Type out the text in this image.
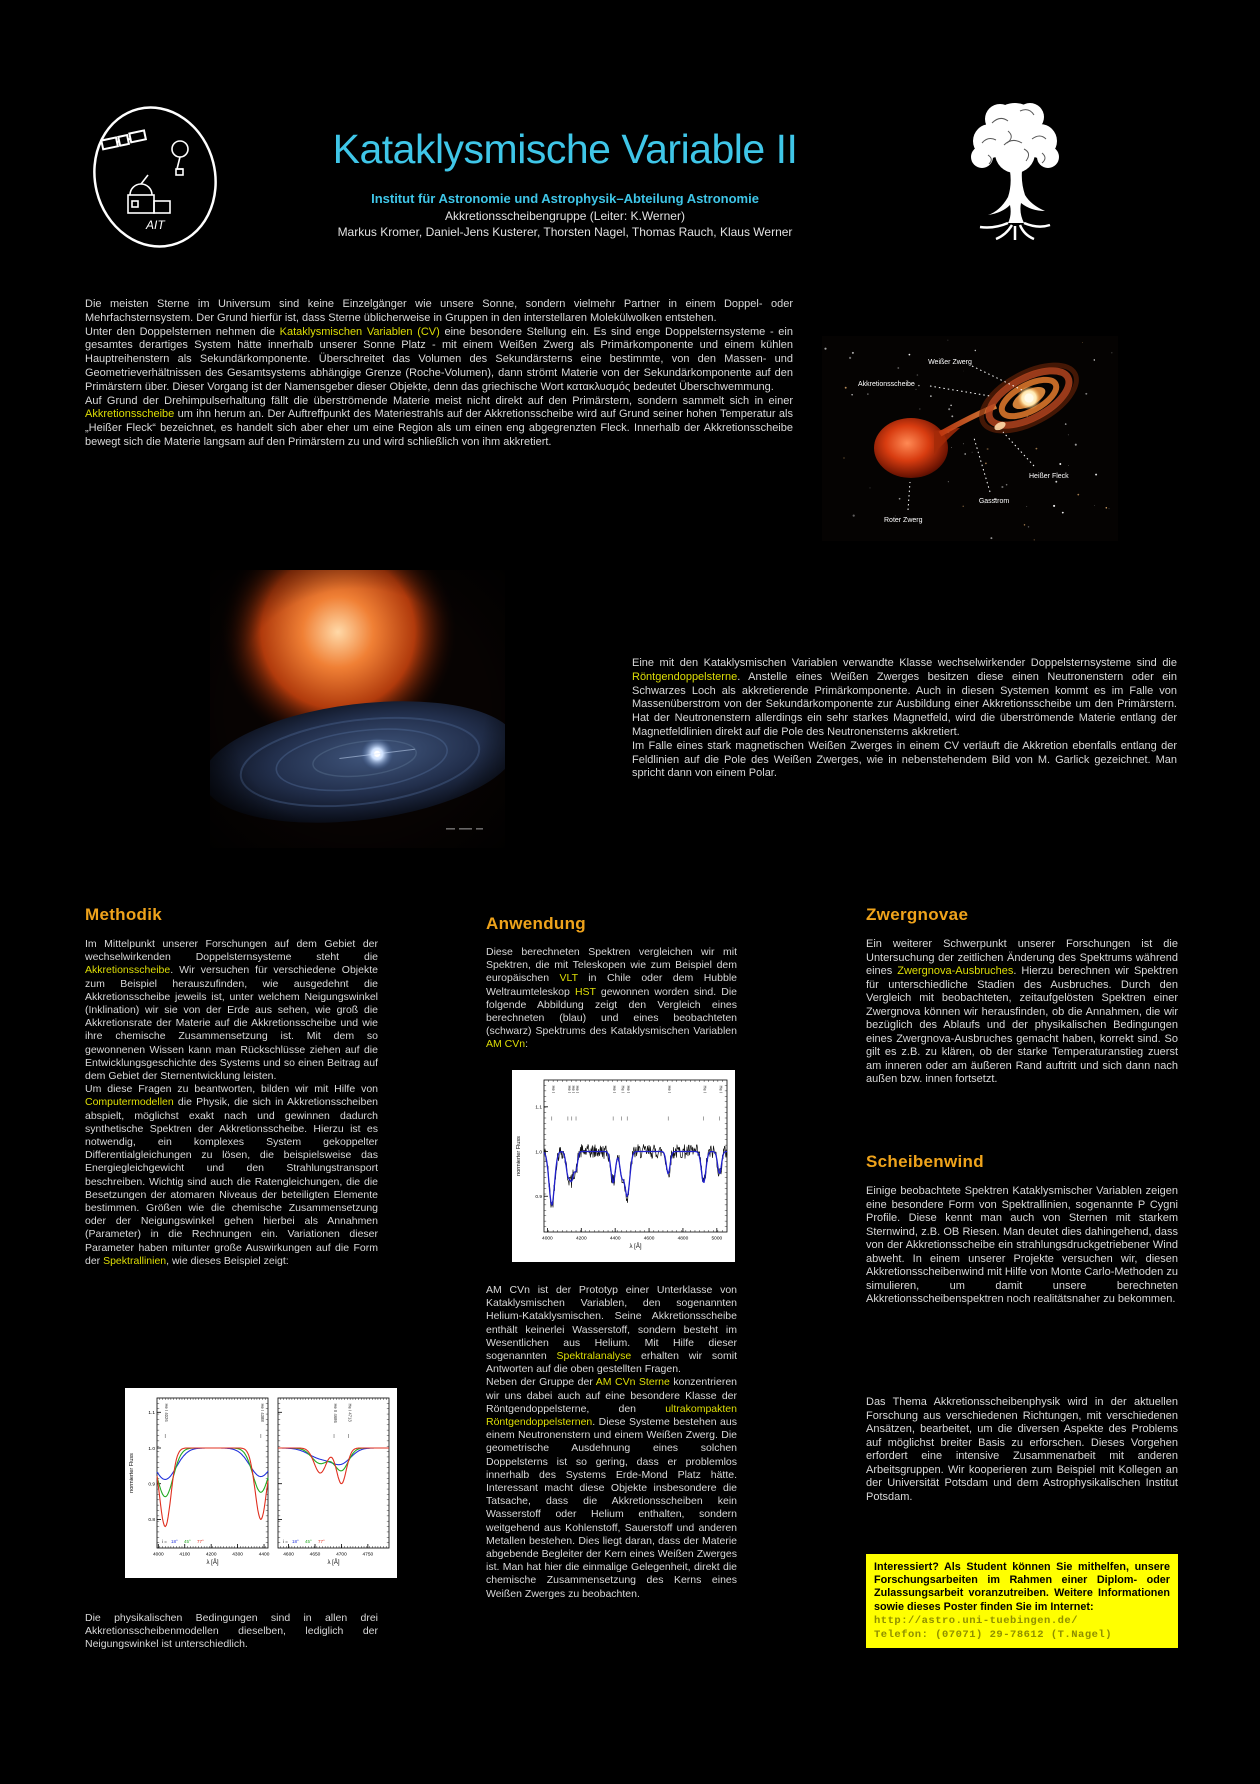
AIT
Kataklysmische Variable II
Institut für Astronomie und Astrophysik–Abteilung Astronomie
Akkretionsscheibengruppe (Leiter: K.Werner)
Markus Kromer, Daniel-Jens Kusterer, Thorsten Nagel, Thomas Rauch, Klaus Werner

Die meisten Sterne im Universum sind keine Einzelgänger wie unsere Sonne, sondern vielmehr Partner in einem Doppel- oder Mehrfachsternsystem. Der Grund hierfür ist, dass Sterne üblicherweise in Gruppen in den interstellaren Molekülwolken entstehen.

Unter den Doppelsternen nehmen die Kataklysmischen Variablen (CV) eine besondere Stellung ein. Es sind enge Doppelsternsysteme - ein gesamtes derartiges System hätte innerhalb unserer Sonne Platz - mit einem Weißen Zwerg als Primärkomponente und einem kühlen Hauptreihenstern als Sekundärkomponente. Überschreitet das Volumen des Sekundärsterns eine bestimmte, von den Massen- und Geometrieverhältnissen des Gesamtsystems abhängige Grenze (Roche-Volumen), dann strömt Materie von der Sekundärkomponente auf den Primärstern über. Dieser Vorgang ist der Namensgeber dieser Objekte, denn das griechische Wort κατακλυσμός bedeutet Überschwemmung.

Auf Grund der Drehimpulserhaltung fällt die überströmende Materie meist nicht direkt auf den Primärstern, sondern sammelt sich in einer Akkretionsscheibe um ihn herum an. Der Auftreffpunkt des Materiestrahls auf der Akkretionsscheibe wird auf Grund seiner hohen Temperatur als „Heißer Fleck“ bezeichnet, es handelt sich aber eher um eine Region als um einen eng abgegrenzten Fleck. Innerhalb der Akkretionsscheibe bewegt sich die Materie langsam auf den Primärstern zu und wird schließlich von ihm akkretiert.

Weißer Zwerg
Akkretionsscheibe
Heißer Fleck
Gasstrom
Roter Zwerg

Eine mit den Kataklysmischen Variablen verwandte Klasse wechselwirkender Doppelsternsysteme sind die Röntgendoppelsterne. Anstelle eines Weißen Zwerges besitzen diese einen Neutronenstern oder ein Schwarzes Loch als akkretierende Primärkomponente. Auch in diesen Systemen kommt es im Falle von Massenüberstrom von der Sekundärkomponente zur Ausbildung einer Akkretionsscheibe um den Primärstern. Hat der Neutronenstern allerdings ein sehr starkes Magnetfeld, wird die überströmende Materie entlang der Magnetfeldlinien direkt auf die Pole des Neutronensterns akkretiert.

Im Falle eines stark magnetischen Weißen Zwerges in einem CV verläuft die Akkretion ebenfalls entlang der Feldlinien auf die Pole des Weißen Zwerges, wie in nebenstehendem Bild von M. Garlick gezeichnet. Man spricht dann von einem Polar.

Methodik

Im Mittelpunkt unserer Forschungen auf dem Gebiet der wechselwirkenden Doppelsternsysteme steht die Akkretionsscheibe. Wir versuchen für verschiedene Objekte zum Beispiel herauszufinden, wie ausgedehnt die Akkretionsscheibe jeweils ist, unter welchem Neigungswinkel (Inklination) wir sie von der Erde aus sehen, wie groß die Akkretionsrate der Materie auf die Akkretionsscheibe und wie ihre chemische Zusammensetzung ist. Mit dem so gewonnenen Wissen kann man Rückschlüsse ziehen auf die Entwicklungsgeschichte des Systems und so einen Beitrag auf dem Gebiet der Sternentwicklung leisten.

Um diese Fragen zu beantworten, bilden wir mit Hilfe von Computermodellen die Physik, die sich in Akkretionsscheiben abspielt, möglichst exakt nach und gewinnen dadurch synthetische Spektren der Akkretionsscheibe. Hierzu ist es notwendig, ein komplexes System gekoppelter Differentialgleichungen zu lösen, die beispielsweise das Energiegleichgewicht und den Strahlungstransport beschreiben. Wichtig sind auch die Ratengleichungen, die die Besetzungen der atomaren Niveaus der beteiligten Elemente bestimmen. Größen wie die chemische Zusammensetzung oder der Neigungswinkel gehen hierbei als Annahmen (Parameter) in die Rechnungen ein. Variationen dieser Parameter haben mitunter große Auswirkungen auf die Form der Spektrallinien, wie dieses Beispiel zeigt:

4000	4100	4200	4300	4400
0.8
0.9
1.0
1.1 He I 4026	He I 4388
λ [Å]
i = 18° 45° 77°
4600	4650	4700	4750
He II 4686 He I 4713
λ [Å]
i = 18° 45° 77°
normierter Fluss

Die physikalischen Bedingungen sind in allen drei Akkretionsscheibenmodellen dieselben, lediglich der Neigungswinkel ist unterschiedlich.

Anwendung

Diese berechneten Spektren vergleichen wir mit Spektren, die mit Teleskopen wie zum Beispiel dem europäischen VLT in Chile oder dem Hubble Weltraumteleskop HST gewonnen worden sind. Die folgende Abbildung zeigt den Vergleich eines berechneten (blau) und eines beobachteten (schwarz) Spektrums des Kataklysmischen Variablen AM CVn:

4000	4200	4400	4600	4800	5000
0.9
1.0
1.1
He I	He I
He I He I	He I He I He I	He I	He I	He I
λ [Å]
normierter Fluss

AM CVn ist der Prototyp einer Unterklasse von Kataklysmischen Variablen, den sogenannten Helium-Kataklysmischen. Seine Akkretionsscheibe enthält keinerlei Wasserstoff, sondern besteht im Wesentlichen aus Helium. Mit Hilfe dieser sogenannten Spektralanalyse erhalten wir somit Antworten auf die oben gestellten Fragen.

Neben der Gruppe der AM CVn Sterne konzentrieren wir uns dabei auch auf eine besondere Klasse der Röntgendoppelsterne, den ultrakompakten Röntgendoppelsternen. Diese Systeme bestehen aus einem Neutronenstern und einem Weißen Zwerg. Die geometrische Ausdehnung eines solchen Doppelsterns ist so gering, dass er problemlos innerhalb des Systems Erde-Mond Platz hätte. Interessant macht diese Objekte insbesondere die Tatsache, dass die Akkretionsscheiben kein Wasserstoff oder Helium enthalten, sondern weitgehend aus Kohlenstoff, Sauerstoff und anderen Metallen bestehen. Dies liegt daran, dass der Materie abgebende Begleiter der Kern eines Weißen Zwerges ist. Man hat hier die einmalige Gelegenheit, direkt die chemische Zusammensetzung des Kerns eines Weißen Zwerges zu beobachten.

Zwergnovae

Ein weiterer Schwerpunkt unserer Forschungen ist die Untersuchung der zeitlichen Änderung des Spektrums während eines Zwergnova-Ausbruches. Hierzu berechnen wir Spektren für unterschiedliche Stadien des Ausbruches. Durch den Vergleich mit beobachteten, zeitaufgelösten Spektren einer Zwergnova können wir herausfinden, ob die Annahmen, die wir bezüglich des Ablaufs und der physikalischen Bedingungen eines Zwergnova-Ausbruches gemacht haben, korrekt sind. So gilt es z.B. zu klären, ob der starke Temperaturanstieg zuerst am inneren oder am äußeren Rand auftritt und sich dann nach außen bzw. innen fortsetzt.

Scheibenwind

Einige beobachtete Spektren Kataklysmischer Variablen zeigen eine besondere Form von Spektrallinien, sogenannte P Cygni Profile. Diese kennt man auch von Sternen mit starkem Sternwind, z.B. OB Riesen. Man deutet dies dahingehend, dass von der Akkretionsscheibe ein strahlungsdruckgetriebener Wind abweht. In einem unserer Projekte versuchen wir, diesen Akkretionsscheibenwind mit Hilfe von Monte Carlo-Methoden zu simulieren, um damit unsere berechneten Akkretionsscheibenspektren noch realitätsnaher zu bekommen.

Das Thema Akkretionsscheibenphysik wird in der aktuellen Forschung aus verschiedenen Richtungen, mit verschiedenen Ansätzen, bearbeitet, um die diversen Aspekte des Problems auf möglichst breiter Basis zu erforschen. Dieses Vorgehen erfordert eine intensive Zusammenarbeit mit anderen Arbeitsgruppen. Wir kooperieren zum Beispiel mit Kollegen an der Universität Potsdam und dem Astrophysikalischen Institut Potsdam.

Interessiert? Als Student können Sie mithelfen, unsere Forschungsarbeiten im Rahmen einer Diplom- oder Zulassungsarbeit voranzutreiben. Weitere Informationen sowie dieses Poster finden Sie im Internet:

http://astro.uni-tuebingen.de/
Telefon: (07071) 29-78612 (T.Nagel)
